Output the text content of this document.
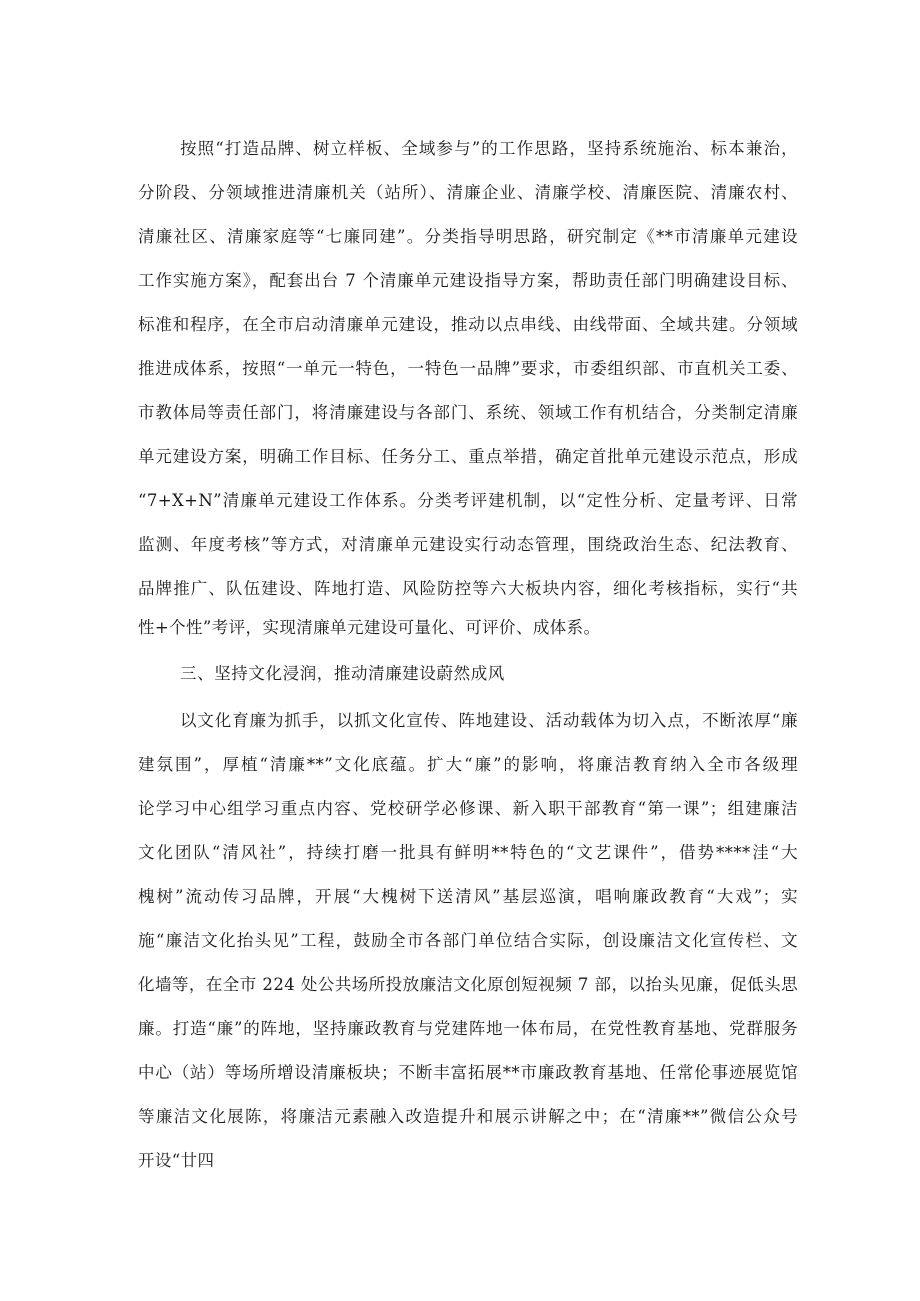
按照“打造品牌、树立样板、全域参与”的工作思路，坚持系统施治、标本兼治，
分阶段、分领域推进清廉机关（站所）、清廉企业、清廉学校、清廉医院、清廉农村、
清廉社区、清廉家庭等“七廉同建”。分类指导明思路，研究制定《**市清廉单元建设
工作实施方案》，配套出台 7 个清廉单元建设指导方案，帮助责任部门明确建设目标、
标准和程序，在全市启动清廉单元建设，推动以点串线、由线带面、全域共建。分领域
推进成体系，按照“一单元一特色，一特色一品牌”要求，市委组织部、市直机关工委、
市教体局等责任部门，将清廉建设与各部门、系统、领域工作有机结合，分类制定清廉
单元建设方案，明确工作目标、任务分工、重点举措，确定首批单元建设示范点，形成
“7+X+N”清廉单元建设工作体系。分类考评建机制，以“定性分析、定量考评、日常
监测、年度考核”等方式，对清廉单元建设实行动态管理，围绕政治生态、纪法教育、
品牌推广、队伍建设、阵地打造、风险防控等六大板块内容，细化考核指标，实行“共
性+个性”考评，实现清廉单元建设可量化、可评价、成体系。
三、坚持文化浸润，推动清廉建设蔚然成风
以文化育廉为抓手，以抓文化宣传、阵地建设、活动载体为切入点，不断浓厚“廉
建氛围”，厚植“清廉**”文化底蕴。扩大“廉”的影响，将廉洁教育纳入全市各级理
论学习中心组学习重点内容、党校研学必修课、新入职干部教育“第一课”；组建廉洁
文化团队“清风社”，持续打磨一批具有鲜明**特色的“文艺课件”，借势****洼“大
槐树”流动传习品牌，开展“大槐树下送清风”基层巡演，唱响廉政教育“大戏”；实
施“廉洁文化抬头见”工程，鼓励全市各部门单位结合实际，创设廉洁文化宣传栏、文
化墙等，在全市 224 处公共场所投放廉洁文化原创短视频 7 部，以抬头见廉，促低头思
廉。打造“廉”的阵地，坚持廉政教育与党建阵地一体布局，在党性教育基地、党群服务
中心（站）等场所增设清廉板块；不断丰富拓展**市廉政教育基地、任常伦事迹展览馆
等廉洁文化展陈，将廉洁元素融入改造提升和展示讲解之中；在“清廉**”微信公众号
开设“廿四
